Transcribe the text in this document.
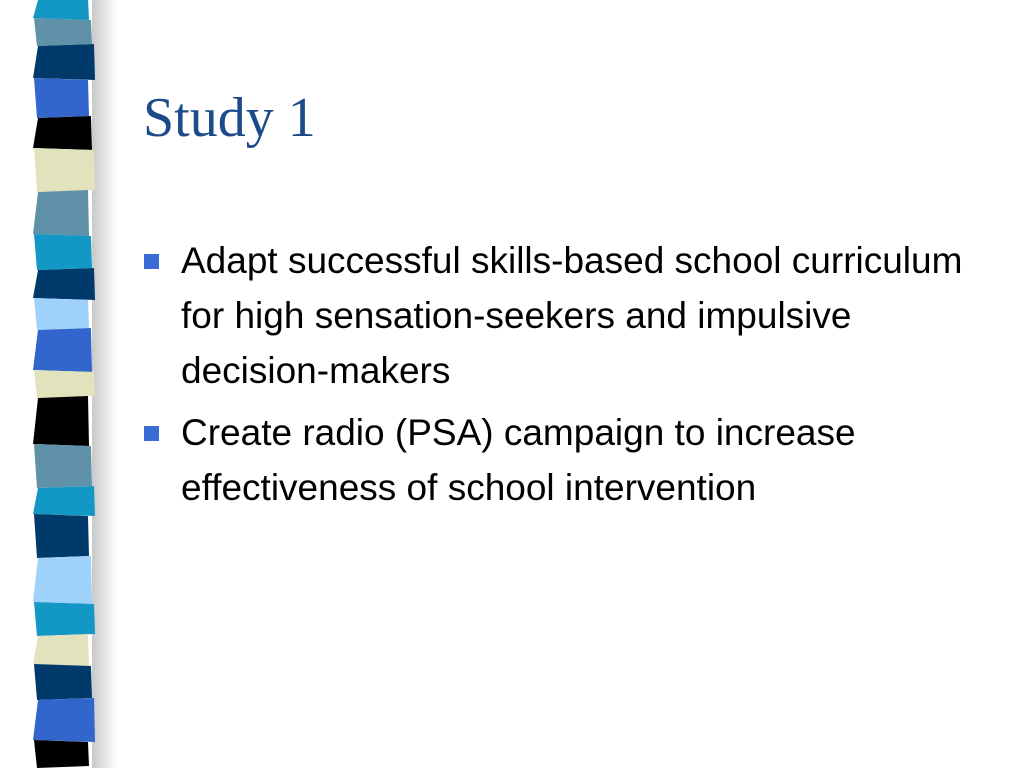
Study 1
Adapt successful skills-based school curriculum for high sensation-seekers and impulsive decision-makers
Create radio (PSA) campaign to increase effectiveness of school intervention
